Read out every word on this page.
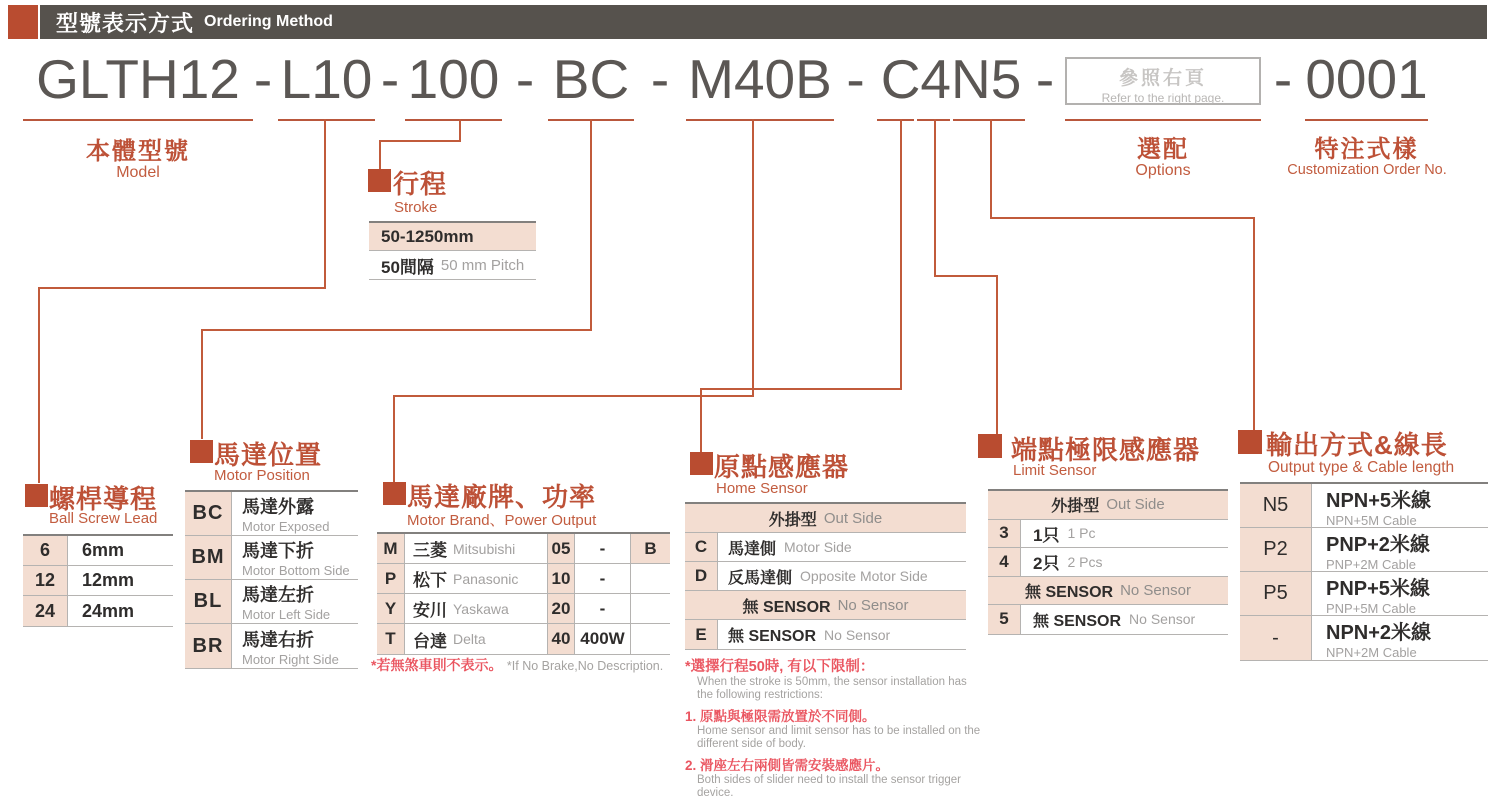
型號表示方式 Ordering Method
GLTH12 - L10 - 100 - BC - M40B - C4N5 -	參照右頁
Refer to the right page. - 0001
本體型號
Model
選配
Options
特注式樣
Customization Order No.
行程
Stroke
50-1250mm
50間隔 50 mm Pitch
螺桿導程
Ball Screw Lead
6	6mm
12	12mm
24	24mm
馬達位置
Motor Position
BC	馬達外露
Motor Exposed
BM 馬達下折
Motor Bottom Side
BL	馬達左折
Motor Left Side
BR	馬達右折
Motor Right Side
馬達廠牌、功率
Motor Brand、Power Output
M 三菱 Mitsubishi 05 - B
P 松下 Panasonic 10 -
Y 安川 Yaskawa	20 -
T	台達 Delta	40 400W
*若無煞車則不表示。 *If No Brake,No Description.
原點感應器
Home Sensor
外掛型 Out Side
C	馬達側 Motor Side
D	反馬達側 Opposite Motor Side
無 SENSOR No Sensor
E	無 SENSOR No Sensor
*選擇行程50時, 有以下限制：
When the stroke is 50mm, the sensor installation has the following restrictions:
1. 原點與極限需放置於不同側。
Home sensor and limit sensor has to be installed on the different side of body.
2. 滑座左右兩側皆需安裝感應片。
Both sides of slider need to install the sensor trigger device.
端點極限感應器
Limit Sensor
外掛型 Out Side
3	1只 1 Pc
4	2只 2 Pcs
無 SENSOR No Sensor
5	無 SENSOR No Sensor
輸出方式&線長
Output type & Cable length
N5	NPN+5米線
NPN+5M Cable
P2	PNP+2米線
PNP+2M Cable
P5	PNP+5米線
PNP+5M Cable
-	NPN+2米線
NPN+2M Cable
